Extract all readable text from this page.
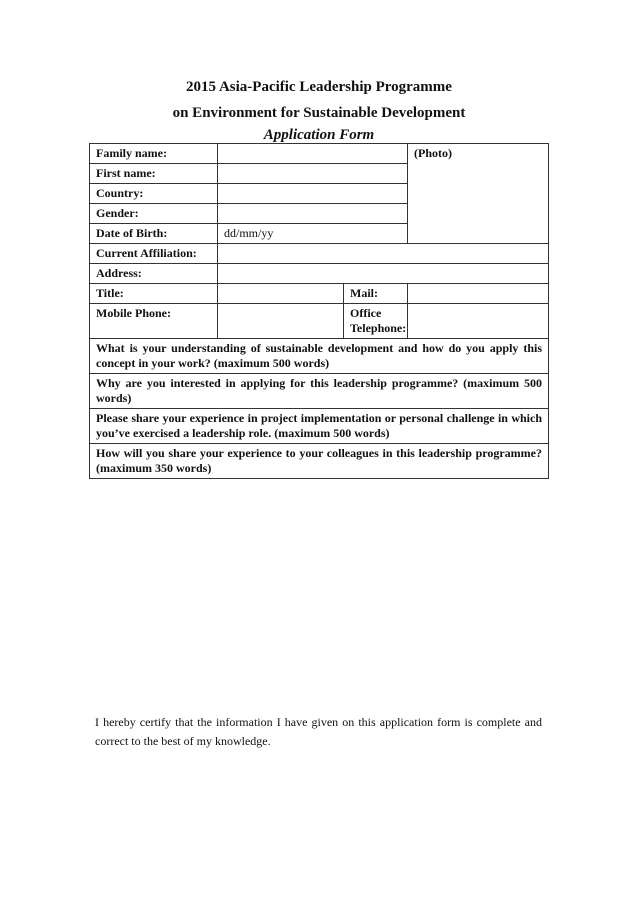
2015 Asia-Pacific Leadership Programme
on Environment for Sustainable Development
Application Form
Family name:			(Photo)
First name:			
Country:			
Gender:			
Date of Birth:	dd/mm/yy		
Current Affiliation:			
Address:			
Title:		Mail:	
Mobile Phone:		Office
Telephone:	

What is your understanding of sustainable development and how do you apply this concept in your work? (maximum 500 words)			
Why are you interested in applying for this leadership programme? (maximum 500 words)			
Please share your experience in project implementation or personal challenge in which you’ve exercised a leadership role. (maximum 500 words)			
How will you share your experience to your colleagues in this leadership programme? (maximum 350 words)			
I hereby certify that the information I have given on this application form is complete and correct to the best of my knowledge.
